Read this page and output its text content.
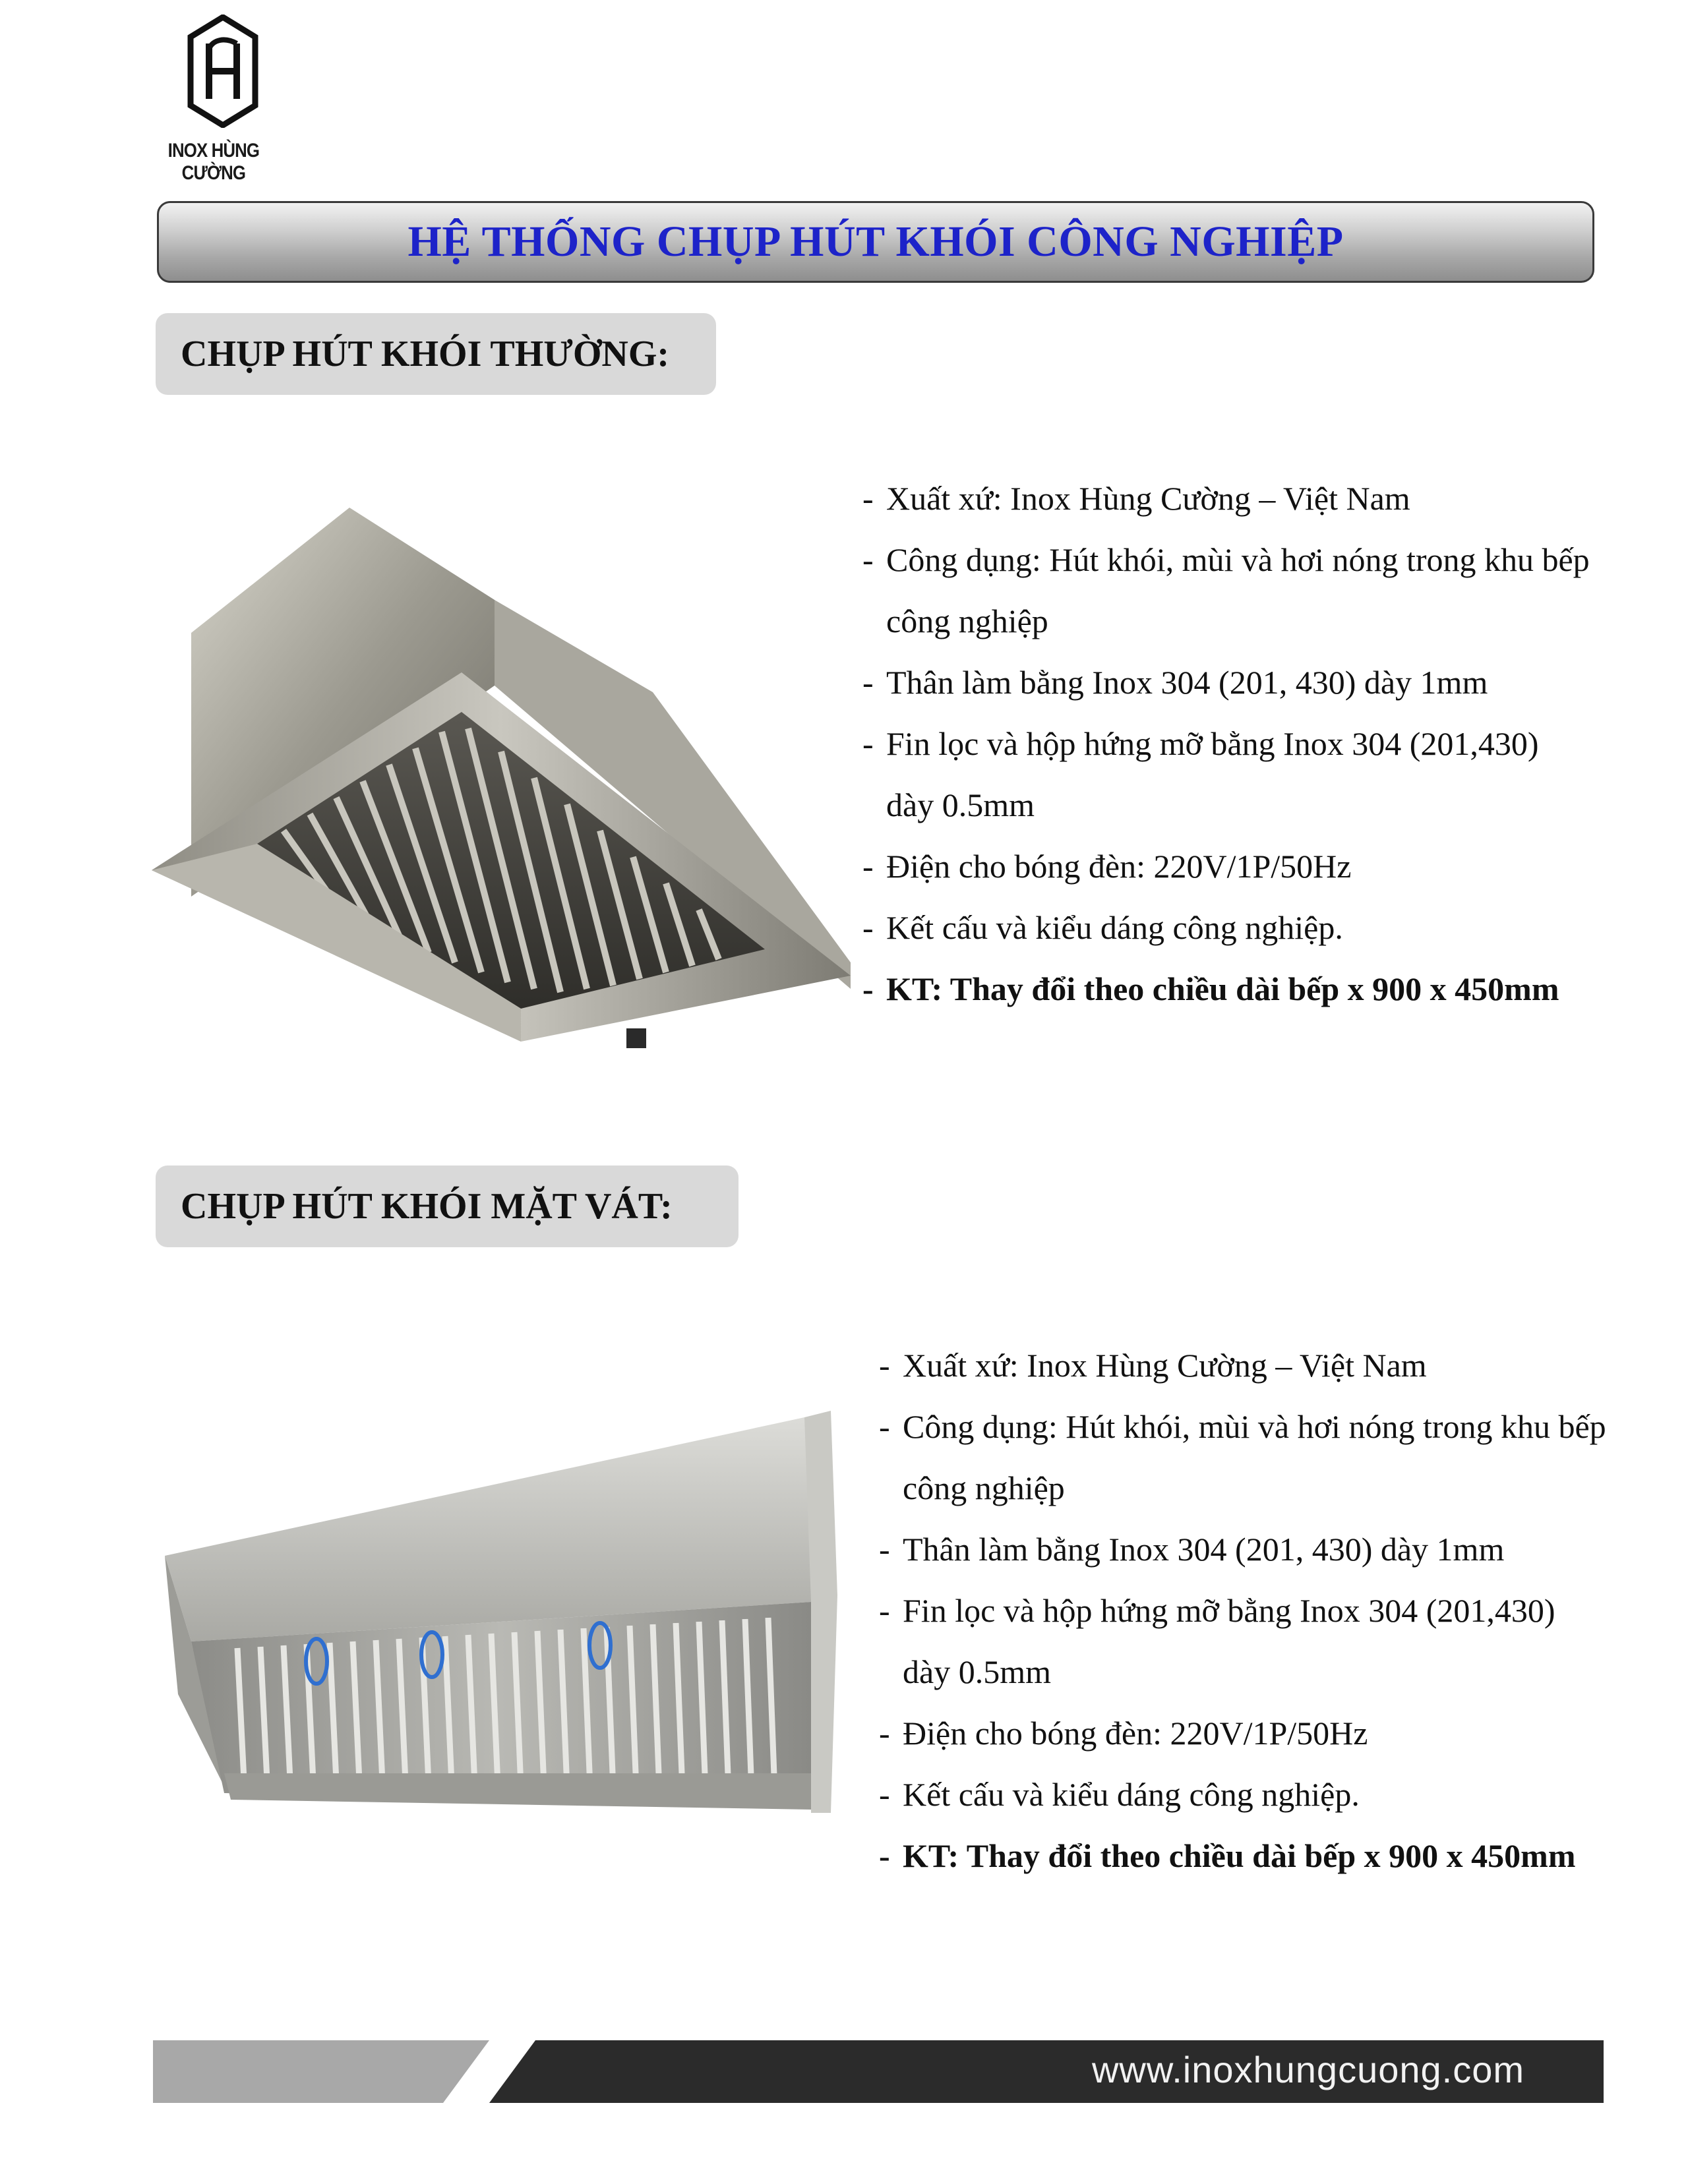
INOX HÙNG CƯỜNG
HỆ THỐNG CHỤP HÚT KHÓI CÔNG NGHIỆP
CHỤP HÚT KHÓI THƯỜNG:
- Xuất xứ: Inox Hùng Cường – Việt Nam
- Công dụng: Hút khói, mùi và hơi nóng trong khu bếp
công nghiệp
- Thân làm bằng Inox 304 (201, 430) dày 1mm
- Fin lọc và hộp hứng mỡ bằng Inox 304 (201,430)
dày 0.5mm
- Điện cho bóng đèn: 220V/1P/50Hz
- Kết cấu và kiểu dáng công nghiệp.
- KT: Thay đổi theo chiều dài bếp x 900 x 450mm
CHỤP HÚT KHÓI MẶT VÁT:
- Xuất xứ: Inox Hùng Cường – Việt Nam
- Công dụng: Hút khói, mùi và hơi nóng trong khu bếp
công nghiệp
- Thân làm bằng Inox 304 (201, 430) dày 1mm
- Fin lọc và hộp hứng mỡ bằng Inox 304 (201,430)
dày 0.5mm
- Điện cho bóng đèn: 220V/1P/50Hz
- Kết cấu và kiểu dáng công nghiệp.
- KT: Thay đổi theo chiều dài bếp x 900 x 450mm
www.inoxhungcuong.com
